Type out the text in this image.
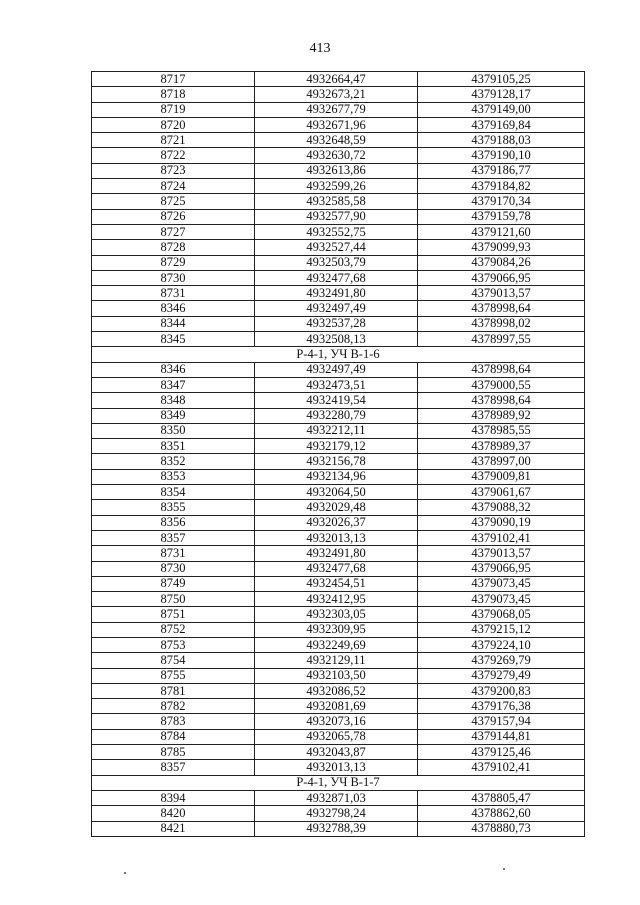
413
8717	4932664,47	4379105,25
8718	4932673,21	4379128,17
8719	4932677,79	4379149,00
8720	4932671,96	4379169,84
8721	4932648,59	4379188,03
8722	4932630,72	4379190,10
8723	4932613,86	4379186,77
8724	4932599,26	4379184,82
8725	4932585,58	4379170,34
8726	4932577,90	4379159,78
8727	4932552,75	4379121,60
8728	4932527,44	4379099,93
8729	4932503,79	4379084,26
8730	4932477,68	4379066,95
8731	4932491,80	4379013,57
8346	4932497,49	4378998,64
8344	4932537,28	4378998,02
8345	4932508,13	4378997,55
Р-4-1, УЧ В-1-6		
8346	4932497,49	4378998,64
8347	4932473,51	4379000,55
8348	4932419,54	4378998,64
8349	4932280,79	4378989,92
8350	4932212,11	4378985,55
8351	4932179,12	4378989,37
8352	4932156,78	4378997,00
8353	4932134,96	4379009,81
8354	4932064,50	4379061,67
8355	4932029,48	4379088,32
8356	4932026,37	4379090,19
8357	4932013,13	4379102,41
8731	4932491,80	4379013,57
8730	4932477,68	4379066,95
8749	4932454,51	4379073,45
8750	4932412,95	4379073,45
8751	4932303,05	4379068,05
8752	4932309,95	4379215,12
8753	4932249,69	4379224,10
8754	4932129,11	4379269,79
8755	4932103,50	4379279,49
8781	4932086,52	4379200,83
8782	4932081,69	4379176,38
8783	4932073,16	4379157,94
8784	4932065,78	4379144,81
8785	4932043,87	4379125,46
8357	4932013,13	4379102,41
Р-4-1, УЧ В-1-7		
8394	4932871,03	4378805,47
8420	4932798,24	4378862,60
8421	4932788,39	4378880,73
